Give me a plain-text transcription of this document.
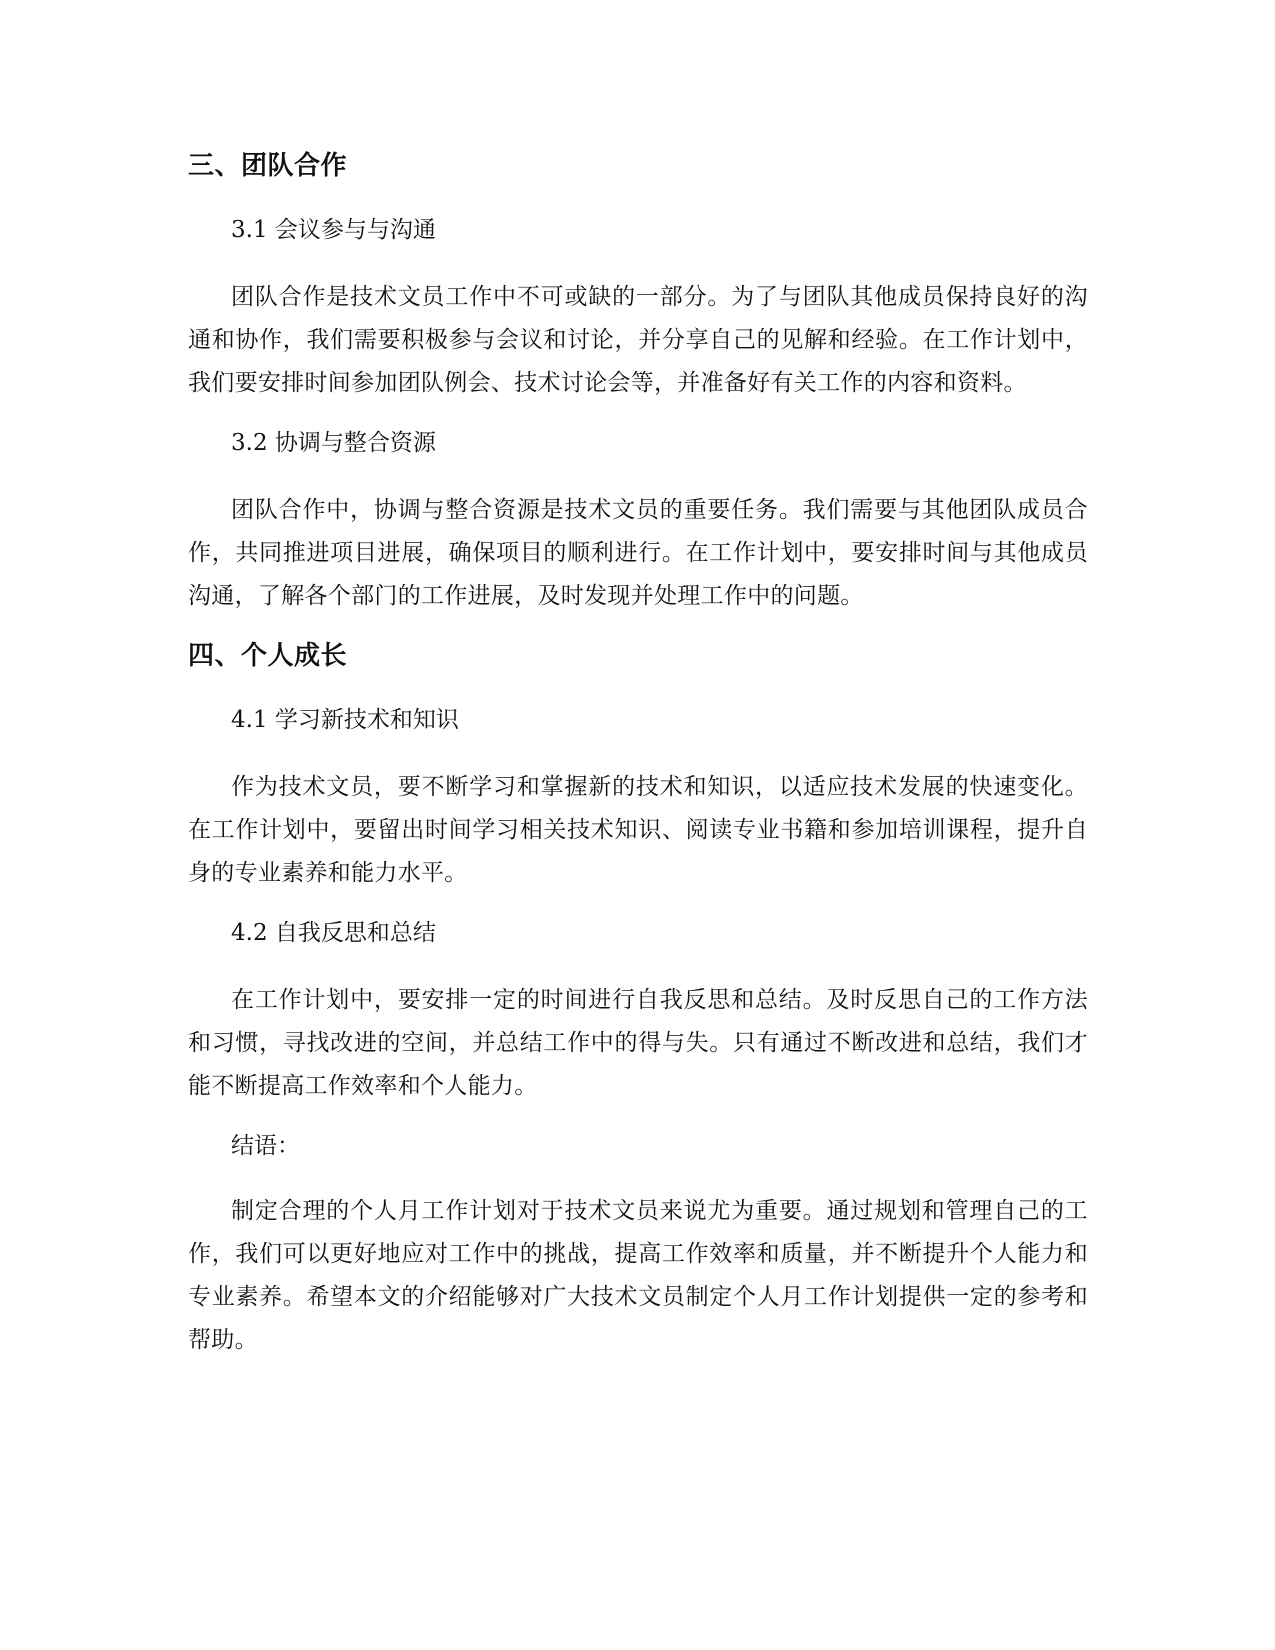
三、团队合作

3.1 会议参与与沟通

团队合作是技术文员工作中不可或缺的一部分。为了与团队其他成员保持良好的沟通和协作，我们需要积极参与会议和讨论，并分享自己的见解和经验。在工作计划中，我们要安排时间参加团队例会、技术讨论会等，并准备好有关工作的内容和资料。

3.2 协调与整合资源

团队合作中，协调与整合资源是技术文员的重要任务。我们需要与其他团队成员合作，共同推进项目进展，确保项目的顺利进行。在工作计划中，要安排时间与其他成员沟通，了解各个部门的工作进展，及时发现并处理工作中的问题。

四、个人成长

4.1 学习新技术和知识

作为技术文员，要不断学习和掌握新的技术和知识，以适应技术发展的快速变化。在工作计划中，要留出时间学习相关技术知识、阅读专业书籍和参加培训课程，提升自身的专业素养和能力水平。

4.2 自我反思和总结

在工作计划中，要安排一定的时间进行自我反思和总结。及时反思自己的工作方法和习惯，寻找改进的空间，并总结工作中的得与失。只有通过不断改进和总结，我们才能不断提高工作效率和个人能力。

结语：

制定合理的个人月工作计划对于技术文员来说尤为重要。通过规划和管理自己的工作，我们可以更好地应对工作中的挑战，提高工作效率和质量，并不断提升个人能力和专业素养。希望本文的介绍能够对广大技术文员制定个人月工作计划提供一定的参考和帮助。
